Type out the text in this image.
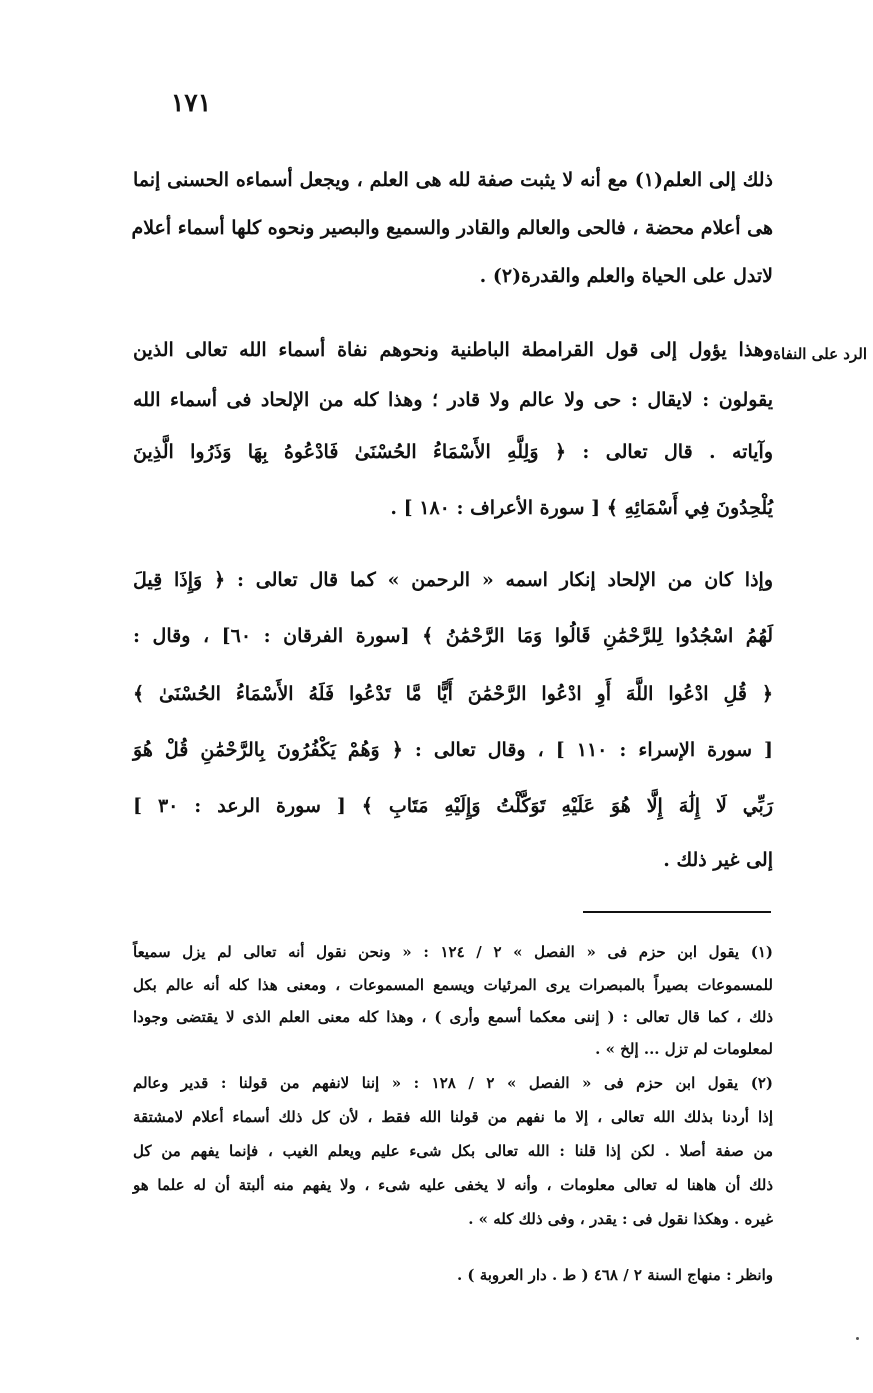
١٧١
ذلك إلى العلم(١) مع أنه لا يثبت صفة لله هى العلم ، ويجعل أسماءه الحسنى إنما
هى أعلام محضة ، فالحى والعالم والقادر والسميع والبصير ونحوه كلها أسماء أعلام
لاتدل على الحياة والعلم والقدرة(٢) .
الرد على النفاة
وهذا يؤول إلى قول القرامطة الباطنية ونحوهم نفاة أسماء الله تعالى الذين
يقولون : لايقال : حى ولا عالم ولا قادر ؛ وهذا كله من الإلحاد فى أسماء الله
وآياته . قال تعالى : ﴿ وَلِلَّهِ الأَسْمَاءُ الحُسْنَىٰ فَادْعُوهُ بِهَا وَذَرُوا الَّذِينَ
يُلْحِدُونَ فِي أَسْمَائِهِ ﴾ [ سورة الأعراف : ١٨٠ ] .
وإذا كان من الإلحاد إنكار اسمه « الرحمن » كما قال تعالى : ﴿ وَإِذَا قِيلَ
لَهُمُ اسْجُدُوا لِلرَّحْمَٰنِ قَالُوا وَمَا الرَّحْمَٰنُ ﴾ [سورة الفرقان : ٦٠] ، وقال :
﴿ قُلِ ادْعُوا اللَّهَ أَوِ ادْعُوا الرَّحْمَٰنَ أَيًّا مَّا تَدْعُوا فَلَهُ الأَسْمَاءُ الحُسْنَىٰ ﴾
[ سورة الإسراء : ١١٠ ] ، وقال تعالى : ﴿ وَهُمْ يَكْفُرُونَ بِالرَّحْمَٰنِ قُلْ هُوَ
رَبِّي لَا إِلَٰهَ إِلَّا هُوَ عَلَيْهِ تَوَكَّلْتُ وَإِلَيْهِ مَتَابِ ﴾ [ سورة الرعد : ٣٠ ]
إلى غير ذلك .
(١) يقول ابن حزم فى « الفصل » ٢ / ١٢٤ : « ونحن نقول أنه تعالى لم يزل سميعاً
للمسموعات بصيراً بالمبصرات يرى المرئيات ويسمع المسموعات ، ومعنى هذا كله أنه عالم بكل
ذلك ، كما قال تعالى : ( إننى معكما أسمع وأرى ) ، وهذا كله معنى العلم الذى لا يقتضى وجودا
لمعلومات لم تزل ... إلخ » .
(٢) يقول ابن حزم فى « الفصل » ٢ / ١٢٨ : « إننا لانفهم من قولنا : قدير وعالم
إذا أردنا بذلك الله تعالى ، إلا ما نفهم من قولنا الله فقط ، لأن كل ذلك أسماء أعلام لامشتقة
من صفة أصلا . لكن إذا قلنا : الله تعالى بكل شىء عليم ويعلم الغيب ، فإنما يفهم من كل
ذلك أن هاهنا له تعالى معلومات ، وأنه لا يخفى عليه شىء ، ولا يفهم منه ألبتة أن له علما هو
غيره . وهكذا نقول فى : يقدر ، وفى ذلك كله » .
وانظر : منهاج السنة ٢ / ٤٦٨ ( ط . دار العروبة ) .
